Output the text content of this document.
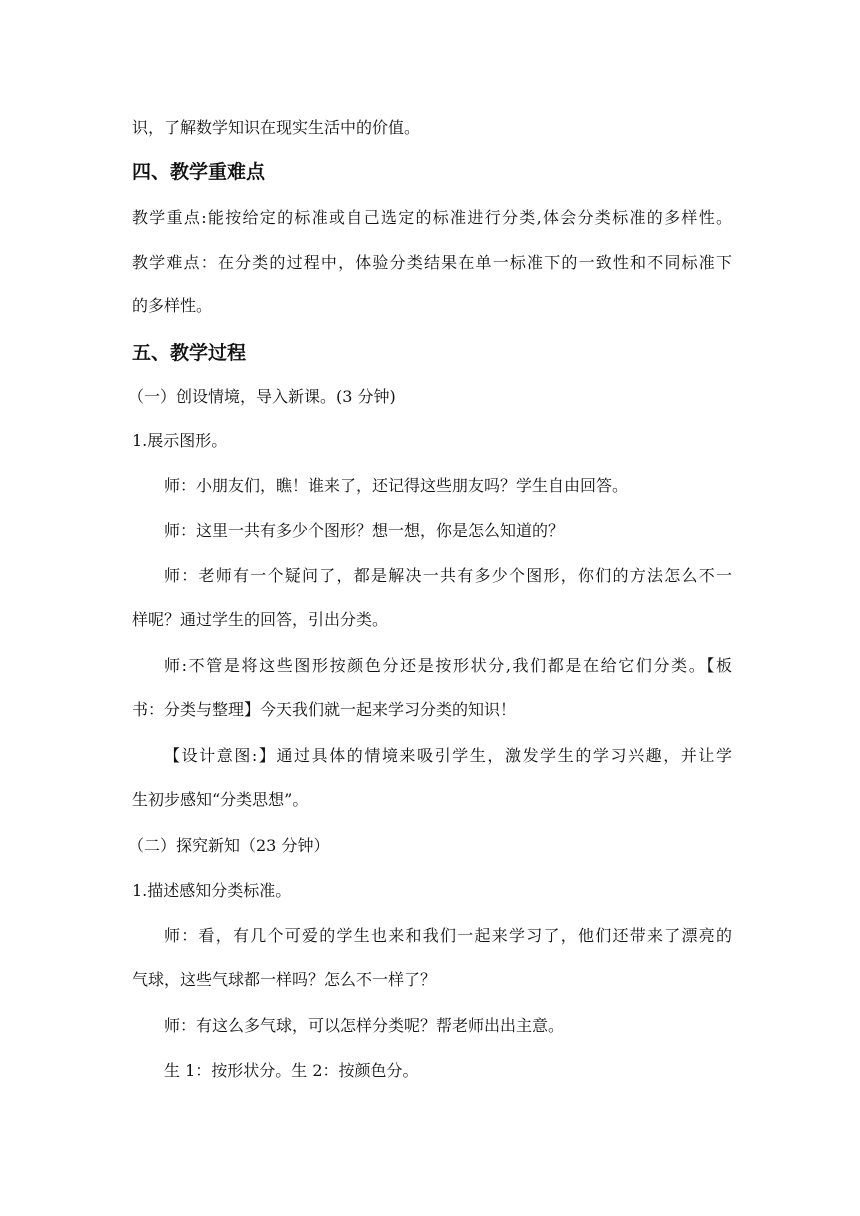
识，了解数学知识在现实生活中的价值。
四、教学重难点
教学重点:能按给定的标准或自己选定的标准进行分类,体会分类标准的多样性。
教学难点：在分类的过程中，体验分类结果在单一标准下的一致性和不同标准下
的多样性。
五、教学过程
（一）创设情境，导入新课。(3 分钟)
1.展示图形。
师：小朋友们，瞧！谁来了，还记得这些朋友吗？学生自由回答。
师：这里一共有多少个图形？想一想，你是怎么知道的？
师：老师有一个疑问了，都是解决一共有多少个图形，你们的方法怎么不一
样呢？通过学生的回答，引出分类。
师:不管是将这些图形按颜色分还是按形状分,我们都是在给它们分类。【板
书：分类与整理】今天我们就一起来学习分类的知识！
【设计意图:】通过具体的情境来吸引学生，激发学生的学习兴趣，并让学
生初步感知“分类思想”。
（二）探究新知（23 分钟）
1.描述感知分类标准。
师：看，有几个可爱的学生也来和我们一起来学习了，他们还带来了漂亮的
气球，这些气球都一样吗？怎么不一样了？
师：有这么多气球，可以怎样分类呢？帮老师出出主意。
生 1：按形状分。生 2：按颜色分。
